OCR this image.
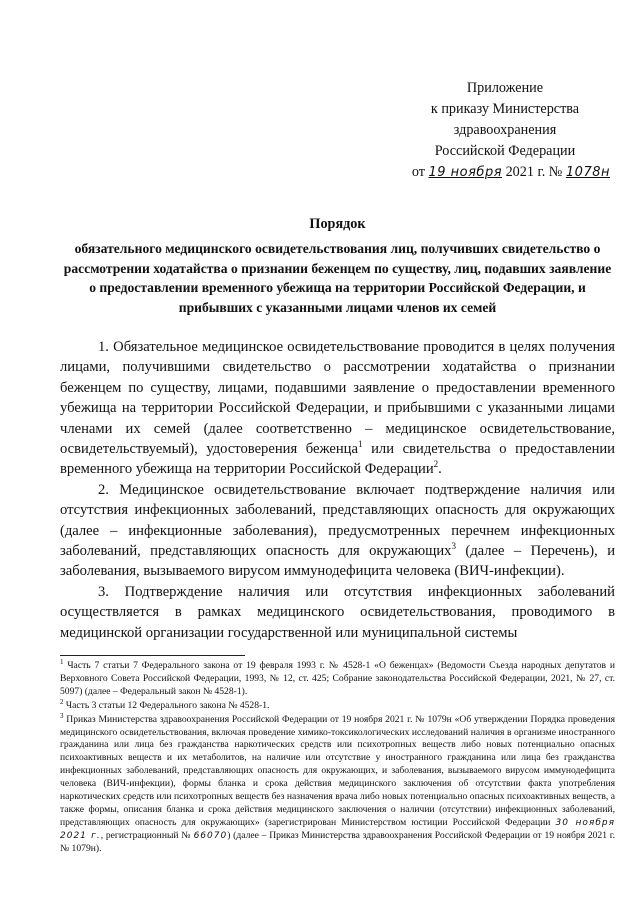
Приложение
к приказу Министерства
здравоохранения
Российской Федерации
от 19 ноября 2021 г. № 1078н
Порядок
обязательного медицинского освидетельствования лиц, получивших свидетельство о рассмотрении ходатайства о признании беженцем по существу, лиц, подавших заявление о предоставлении временного убежища на территории Российской Федерации, и прибывших с указанными лицами членов их семей

1. Обязательное медицинское освидетельствование проводится в целях получения лицами, получившими свидетельство о рассмотрении ходатайства о признании беженцем по существу, лицами, подавшими заявление о предоставлении временного убежища на территории Российской Федерации, и прибывшими с указанными лицами членами их семей (далее соответственно – медицинское освидетельствование, освидетельствуемый), удостоверения беженца$^1$ или свидетельства о предоставлении временного убежища на территории Российской Федерации$^2$.

2. Медицинское освидетельствование включает подтверждение наличия или отсутствия инфекционных заболеваний, представляющих опасность для окружающих (далее – инфекционные заболевания), предусмотренных перечнем инфекционных заболеваний, представляющих опасность для окружающих$^3$ (далее – Перечень), и заболевания, вызываемого вирусом иммунодефицита человека (ВИЧ-инфекции).

3. Подтверждение наличия или отсутствия инфекционных заболеваний осуществляется в рамках медицинского освидетельствования, проводимого в медицинской организации государственной или муниципальной системы

$^1$ Часть 7 статьи 7 Федерального закона от 19 февраля 1993 г. № 4528-1 «О беженцах» (Ведомости Съезда народных депутатов и Верховного Совета Российской Федерации, 1993, № 12, ст. 425; Собрание законодательства Российской Федерации, 2021, № 27, ст. 5097) (далее – Федеральный закон № 4528-1).

$^2$ Часть 3 статьи 12 Федерального закона № 4528-1.

$^3$ Приказ Министерства здравоохранения Российской Федерации от 19 ноября 2021 г. № 1079н «Об утверждении Порядка проведения медицинского освидетельствования, включая проведение химико-токсикологических исследований наличия в организме иностранного гражданина или лица без гражданства наркотических средств или психотропных веществ либо новых потенциально опасных психоактивных веществ и их метаболитов, на наличие или отсутствие у иностранного гражданина или лица без гражданства инфекционных заболеваний, представляющих опасность для окружающих, и заболевания, вызываемого вирусом иммунодефицита человека (ВИЧ-инфекции), формы бланка и срока действия медицинского заключения об отсутствии факта употребления наркотических средств или психотропных веществ без назначения врача либо новых потенциально опасных психоактивных веществ, а также формы, описания бланка и срока действия медицинского заключения о наличии (отсутствии) инфекционных заболеваний, представляющих опасность для окружающих» (зарегистрирован Министерством юстиции Российской Федерации 30 ноября 2021 г., регистрационный № 66070) (далее – Приказ Министерства здравоохранения Российской Федерации от 19 ноября 2021 г. № 1079н).
